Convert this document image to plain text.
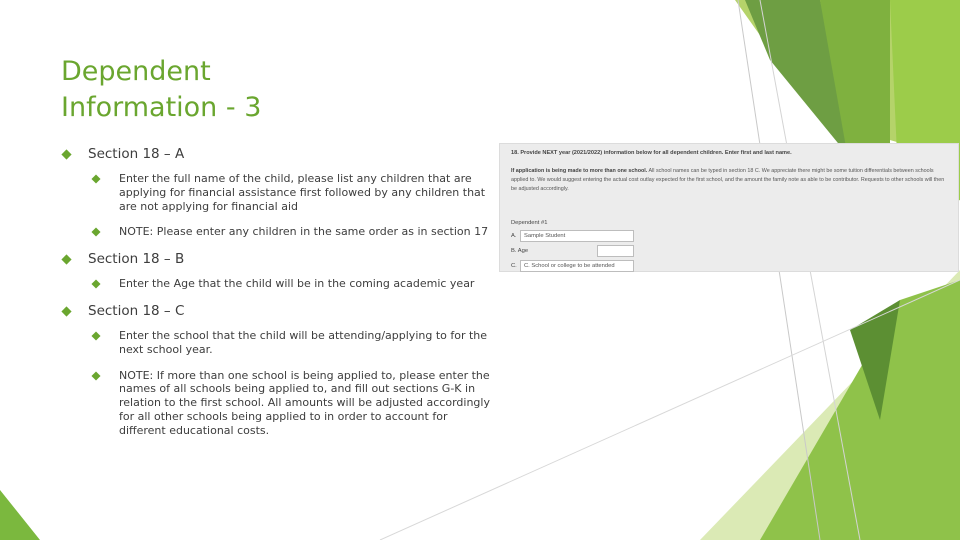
Dependent
Information - 3
Section 18 – A
Enter the full name of the child, please list any children that are applying for financial assistance first followed by any children that are not applying for financial aid
NOTE: Please enter any children in the same order as in section 17
Section 18 – B
Enter the Age that the child will be in the coming academic year
Section 18 – C
Enter the school that the child will be attending/applying to for the next school year.
NOTE: If more than one school is being applied to, please enter the names of all schools being applied to, and fill out sections G-K in relation to the first school. All amounts will be adjusted accordingly for all other schools being applied to in order to account for different educational costs.
18. Provide NEXT year (2021/2022) information below for all dependent children. Enter first and last name.
If application is being made to more than one school. All school names can be typed in section 18 C. We appreciate there might be some tuition differentials between schools applied to. We would suggest entering the actual cost outlay expected for the first school, and the amount the family note as able to be contributor. Requests to other schools will then be adjusted accordingly.
Dependent #1
A.	Sample Student
B. Age
C.	C. School or college to be attended
